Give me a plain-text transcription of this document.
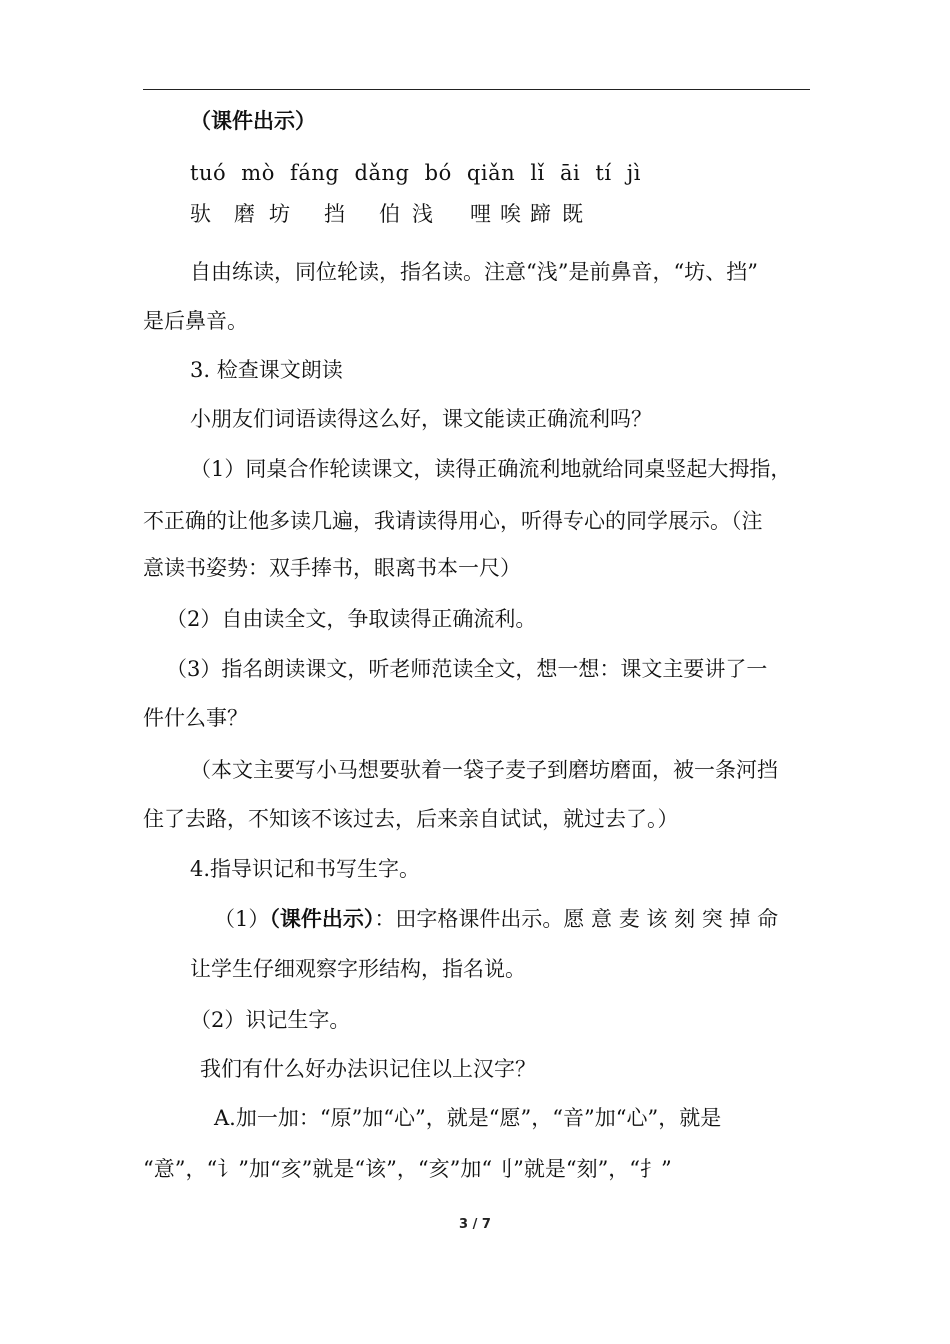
（课件出示）
tuó mò fáng dǎng bó qiǎn lǐ āi tí jì
驮 磨 坊 挡 伯 浅 哩 唉 蹄 既
自由练读，同位轮读，指名读。注意“浅”是前鼻音，“坊、挡”
是后鼻音。
3. 检查课文朗读
小朋友们词语读得这么好，课文能读正确流利吗？
（1）同桌合作轮读课文，读得正确流利地就给同桌竖起大拇指，
不正确的让他多读几遍，我请读得用心，听得专心的同学展示。（注
意读书姿势：双手捧书，眼离书本一尺）
（2）自由读全文，争取读得正确流利。
（3）指名朗读课文，听老师范读全文，想一想：课文主要讲了一
件什么事？
（本文主要写小马想要驮着一袋子麦子到磨坊磨面，被一条河挡
住了去路，不知该不该过去，后来亲自试试，就过去了。）
4.指导识记和书写生字。
（1）（课件出示）：田字格课件出示。愿 意 麦 该 刻 突 掉 命
让学生仔细观察字形结构，指名说。
（2）识记生字。
我们有什么好办法识记住以上汉字？
A.加一加：“原”加“心”，就是“愿”，“音”加“心”，就是
“意”，“讠”加“亥”就是“该”，“亥”加“刂”就是“刻”，“扌”
3 / 7
